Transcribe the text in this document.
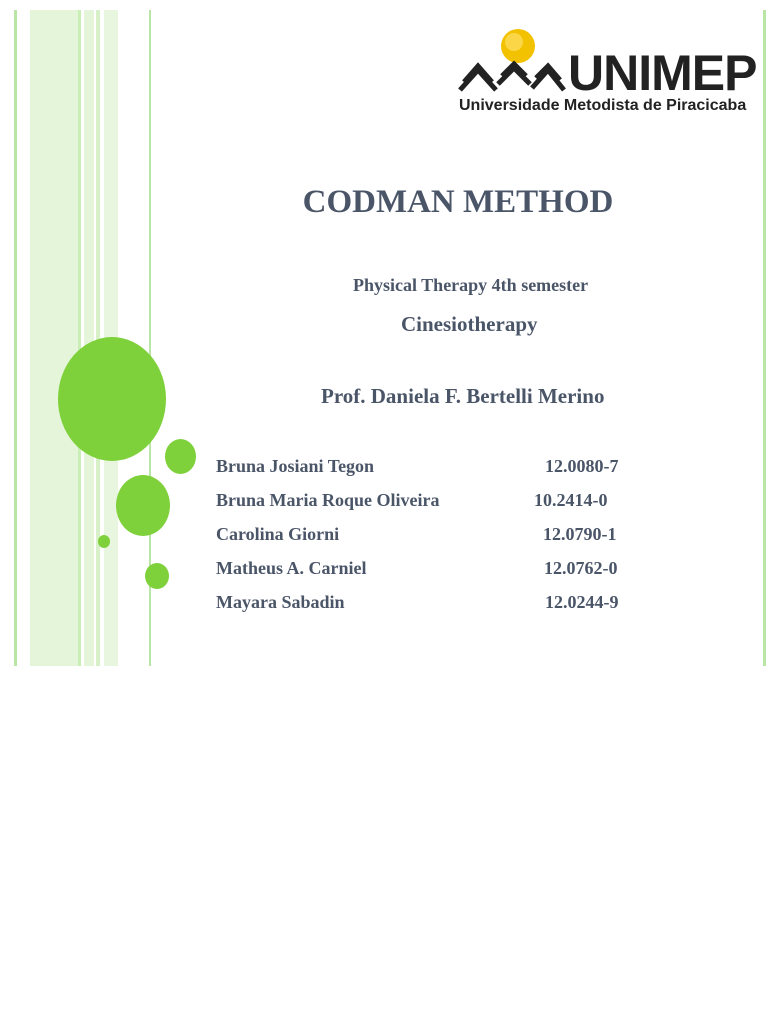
UNIMEP
Universidade Metodista de Piracicaba
CODMAN METHOD
Physical Therapy 4th semester
Cinesiotherapy
Prof. Daniela F. Bertelli Merino
Bruna Josiani Tegon	12.0080-7
Bruna Maria Roque Oliveira	10.2414-0
Carolina Giorni	12.0790-1
Matheus A. Carniel	12.0762-0
Mayara Sabadin	12.0244-9
